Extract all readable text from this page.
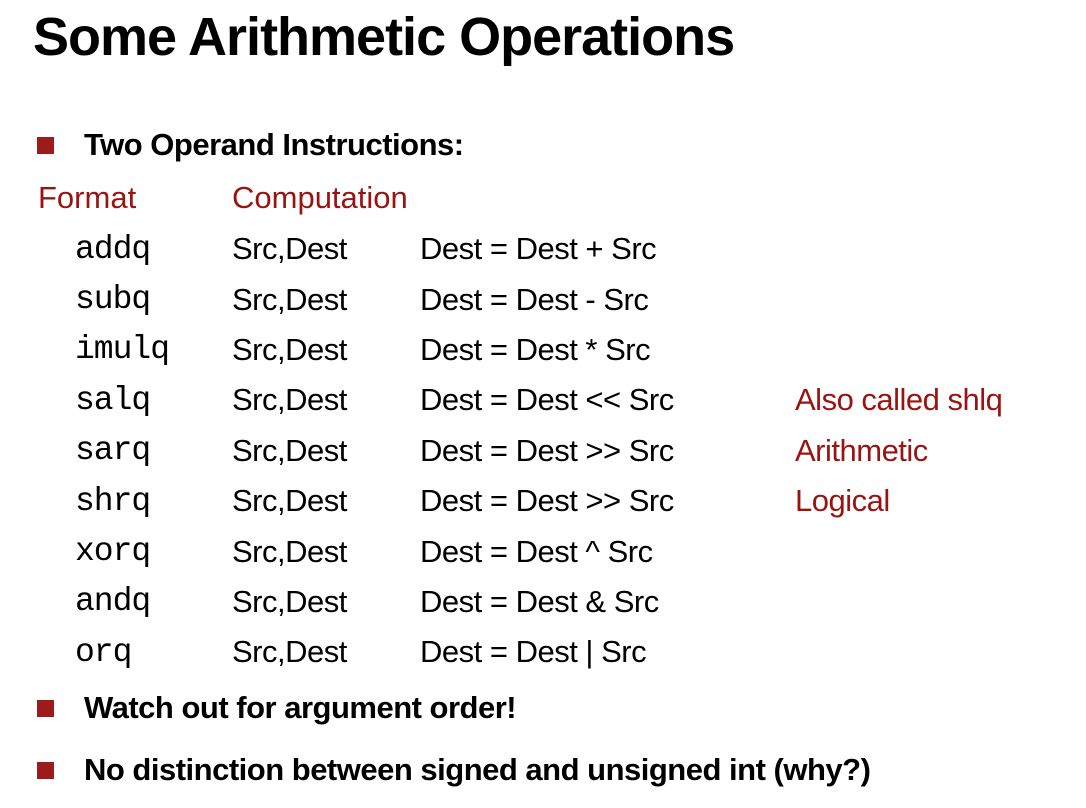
Some Arithmetic Operations
Two Operand Instructions:
Format	Computation
addq	Src,Dest	Dest = Dest + Src
subq	Src,Dest	Dest = Dest - Src
imulq	Src,Dest	Dest = Dest * Src
salq	Src,Dest	Dest = Dest << Src	Also called shlq
sarq	Src,Dest	Dest = Dest >> Src	Arithmetic
shrq	Src,Dest	Dest = Dest >> Src	Logical
xorq	Src,Dest	Dest = Dest ^ Src
andq	Src,Dest	Dest = Dest & Src
orq	Src,Dest	Dest = Dest | Src
Watch out for argument order!
No distinction between signed and unsigned int (why?)
